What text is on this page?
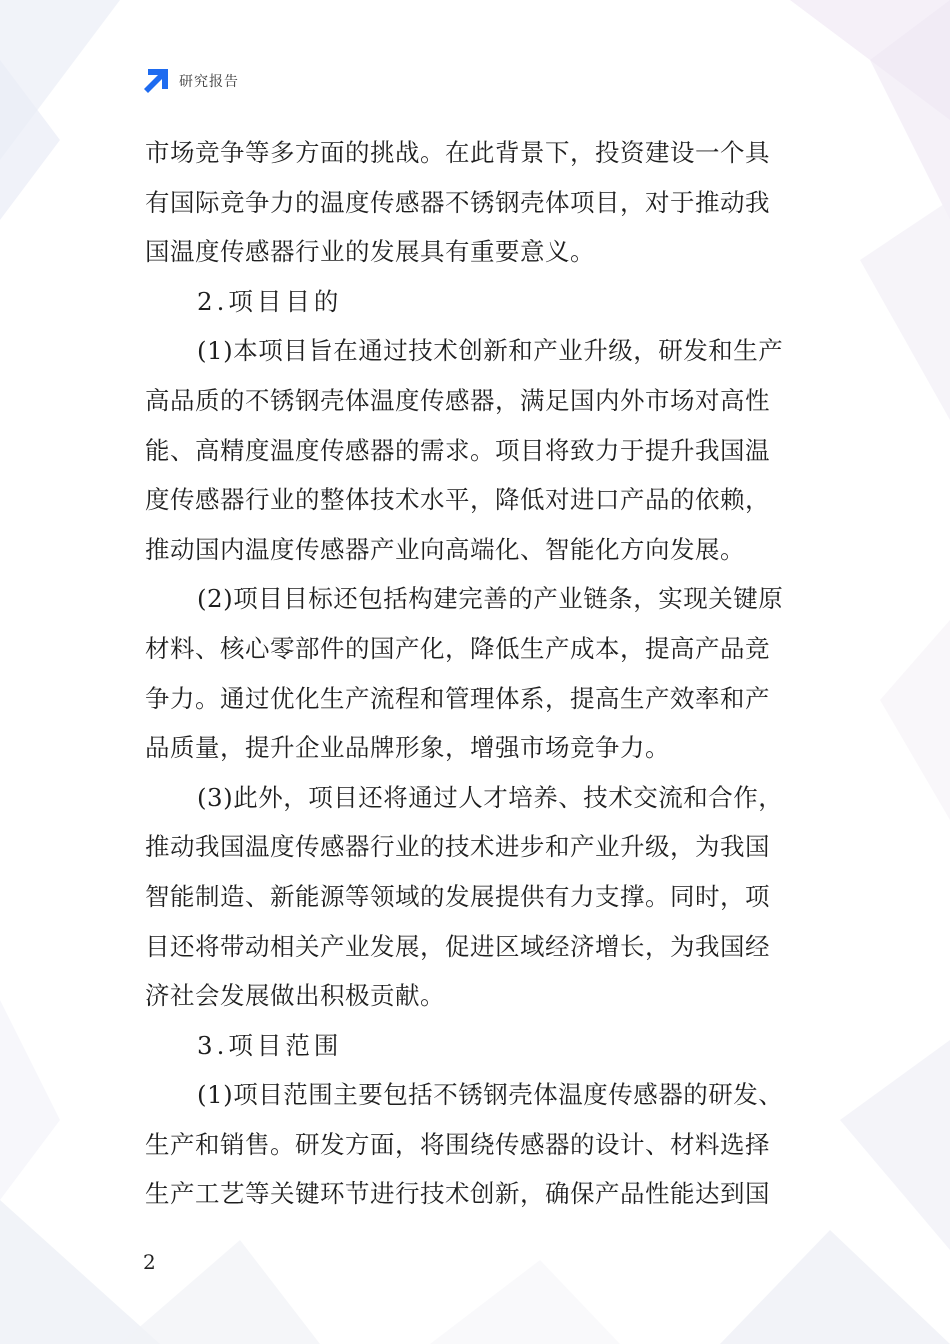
研究报告

市场竞争等多方面的挑战。在此背景下，投资建设一个具

有国际竞争力的温度传感器不锈钢壳体项目，对于推动我

国温度传感器行业的发展具有重要意义。

2.项目目的

(1)本项目旨在通过技术创新和产业升级，研发和生产

高品质的不锈钢壳体温度传感器，满足国内外市场对高性

能、高精度温度传感器的需求。项目将致力于提升我国温

度传感器行业的整体技术水平，降低对进口产品的依赖，

推动国内温度传感器产业向高端化、智能化方向发展。

(2)项目目标还包括构建完善的产业链条，实现关键原

材料、核心零部件的国产化，降低生产成本，提高产品竞

争力。通过优化生产流程和管理体系，提高生产效率和产

品质量，提升企业品牌形象，增强市场竞争力。

(3)此外，项目还将通过人才培养、技术交流和合作，

推动我国温度传感器行业的技术进步和产业升级，为我国

智能制造、新能源等领域的发展提供有力支撑。同时，项

目还将带动相关产业发展，促进区域经济增长，为我国经

济社会发展做出积极贡献。

3.项目范围

(1)项目范围主要包括不锈钢壳体温度传感器的研发、

生产和销售。研发方面，将围绕传感器的设计、材料选择

生产工艺等关键环节进行技术创新，确保产品性能达到国

2
